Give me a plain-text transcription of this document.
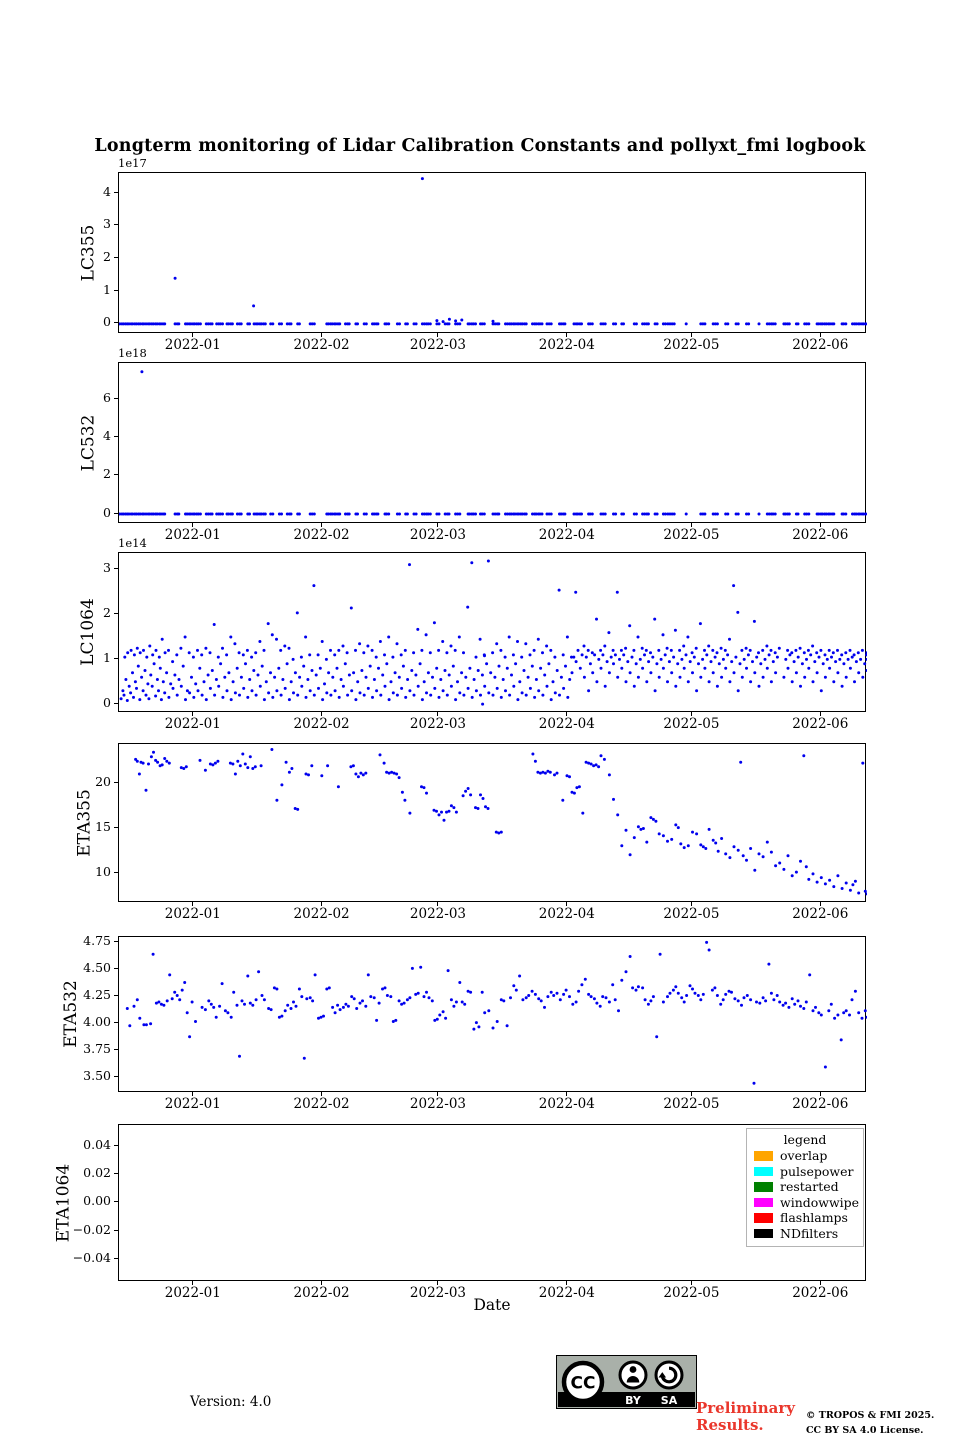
Longterm monitoring of Lidar Calibration Constants and pollyxt_fmi logbook
1e17
LC355
0
1
2
3
4
2022-01	2022-02	2022-03	2022-04	2022-05	2022-06
1e18
LC532
0
2
4
6
2022-01	2022-02	2022-03	2022-04	2022-05	2022-06
1e14
LC1064
0
1
2
3
2022-01	2022-02	2022-03	2022-04	2022-05	2022-06
ETA355
10
15
20
2022-01	2022-02	2022-03	2022-04	2022-05	2022-06
ETA532
3.50
3.75
4.00
4.25
4.50
4.75
2022-01	2022-02	2022-03	2022-04	2022-05	2022-06
ETA1064
0.04
0.02
0.00
−0.02
−0.04
2022-01	2022-02	2022-03	2022-04	2022-05	2022-06
legend
overlap
pulsepower
restarted
windowwipe
flashlamps
NDfilters
Date
Version: 4.0
CC
BY SA Preliminary Results.
© TROPOS & FMI 2025.
CC BY SA 4.0 License.
